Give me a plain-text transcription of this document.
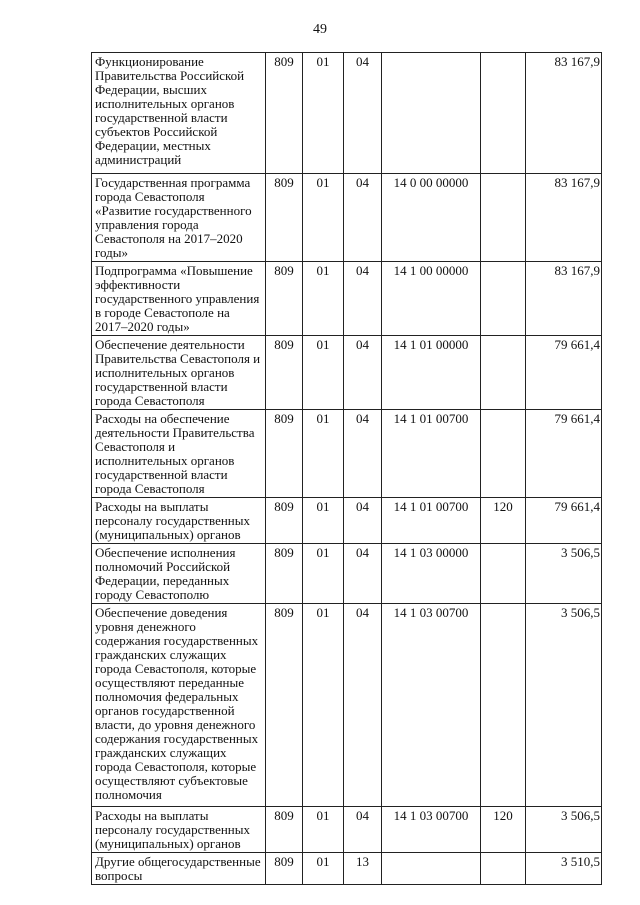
49
Функционирование Правительства Российской Федерации, высших исполнительных органов государственной власти субъектов Российской Федерации, местных администраций	809	01	04			83 167,9
Государственная программа города Севастополя «Развитие государственного управления города Севастополя на 2017–2020 годы»	809	01	04	14 0 00 00000		83 167,9
Подпрограмма «Повышение эффективности государственного управления в городе Севастополе на 2017–2020 годы»	809	01	04	14 1 00 00000		83 167,9
Обеспечение деятельности Правительства Севастополя и исполнительных органов государственной власти города Севастополя	809	01	04	14 1 01 00000		79 661,4
Расходы на обеспечение деятельности Правительства Севастополя и исполнительных органов государственной власти города Севастополя	809	01	04	14 1 01 00700		79 661,4
Расходы на выплаты персоналу государственных (муниципальных) органов	809	01	04	14 1 01 00700	120	79 661,4
Обеспечение исполнения полномочий Российской Федерации, переданных городу Севастополю	809	01	04	14 1 03 00000		3 506,5
Обеспечение доведения уровня денежного содержания государственных гражданских служащих города Севастополя, которые осуществляют переданные полномочия федеральных органов государственной власти, до уровня денежного содержания государственных гражданских служащих города Севастополя, которые осуществляют субъектовые полномочия	809	01	04	14 1 03 00700		3 506,5
Расходы на выплаты персоналу государственных (муниципальных) органов	809	01	04	14 1 03 00700	120	3 506,5
Другие общегосударственные вопросы	809	01	13			3 510,5
